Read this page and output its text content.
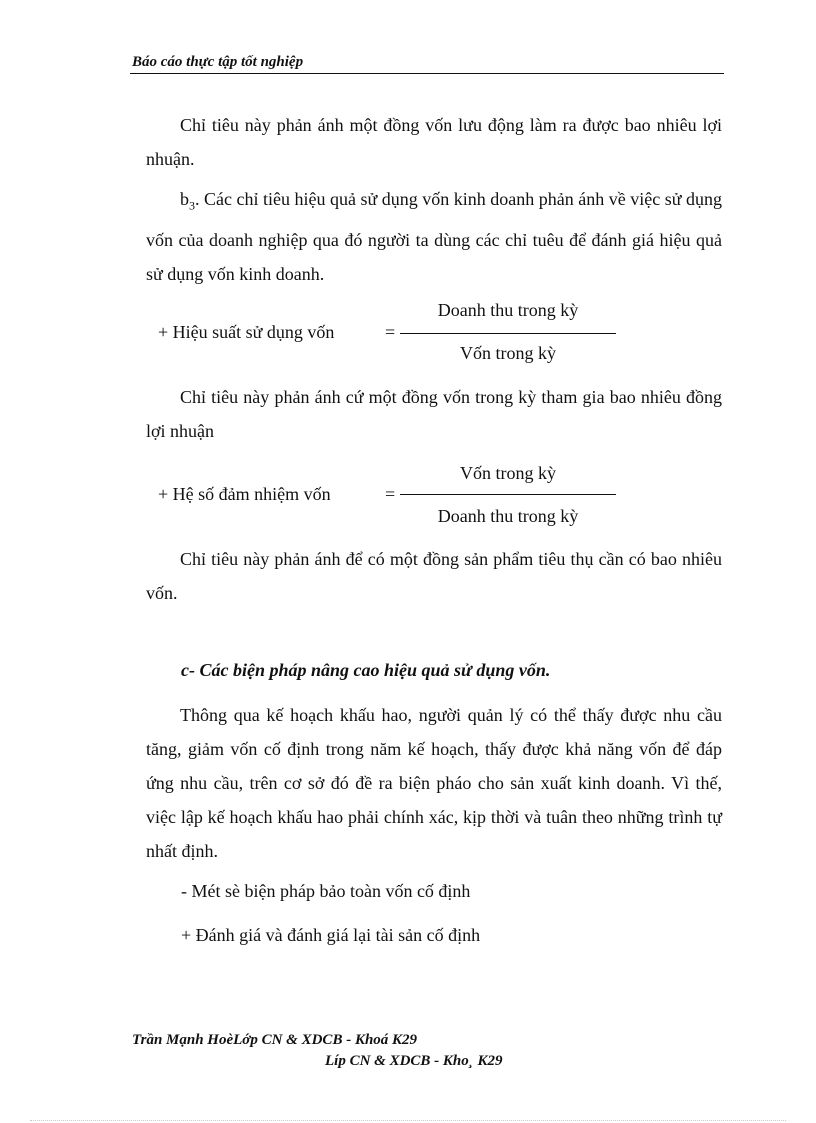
Báo cáo thực tập tốt nghiệp

Chỉ tiêu này phản ánh một đồng vốn lưu động làm ra được bao nhiêu lợi nhuận.

$b_3$. Các chỉ tiêu hiệu quả sử dụng vốn kinh doanh phản ánh về việc sử dụng vốn của doanh nghiệp qua đó người ta dùng các chỉ tuêu để đánh giá hiệu quả sử dụng vốn kinh doanh.

+ Hiệu suất sử dụng vốn	=
Doanh thu trong kỳ
Vốn trong kỳ

Chỉ tiêu này phản ánh cứ một đồng vốn trong kỳ tham gia bao nhiêu đồng lợi nhuận

+ Hệ số đảm nhiệm vốn	=
Vốn trong kỳ
Doanh thu trong kỳ

Chỉ tiêu này phản ánh để có một đồng sản phẩm tiêu thụ cần có bao nhiêu vốn.

c- Các biện pháp nâng cao hiệu quả sử dụng vốn.

Thông qua kế hoạch khấu hao, người quản lý có thể thấy được nhu cầu tăng, giảm vốn cố định trong năm kế hoạch, thấy được khả năng vốn để đáp ứng nhu cầu, trên cơ sở đó đề ra biện pháo cho sản xuất kinh doanh. Vì thế, việc lập kế hoạch khấu hao phải chính xác, kịp thời và tuân theo những trình tự nhất định.

- Mét sè biện pháp bảo toàn vốn cố định

+ Đánh giá và đánh giá lại tài sản cố định

Trần Mạnh HoèLớp CN & XDCB - Khoá K29
Líp CN & XDCB - Kho¸ K29
